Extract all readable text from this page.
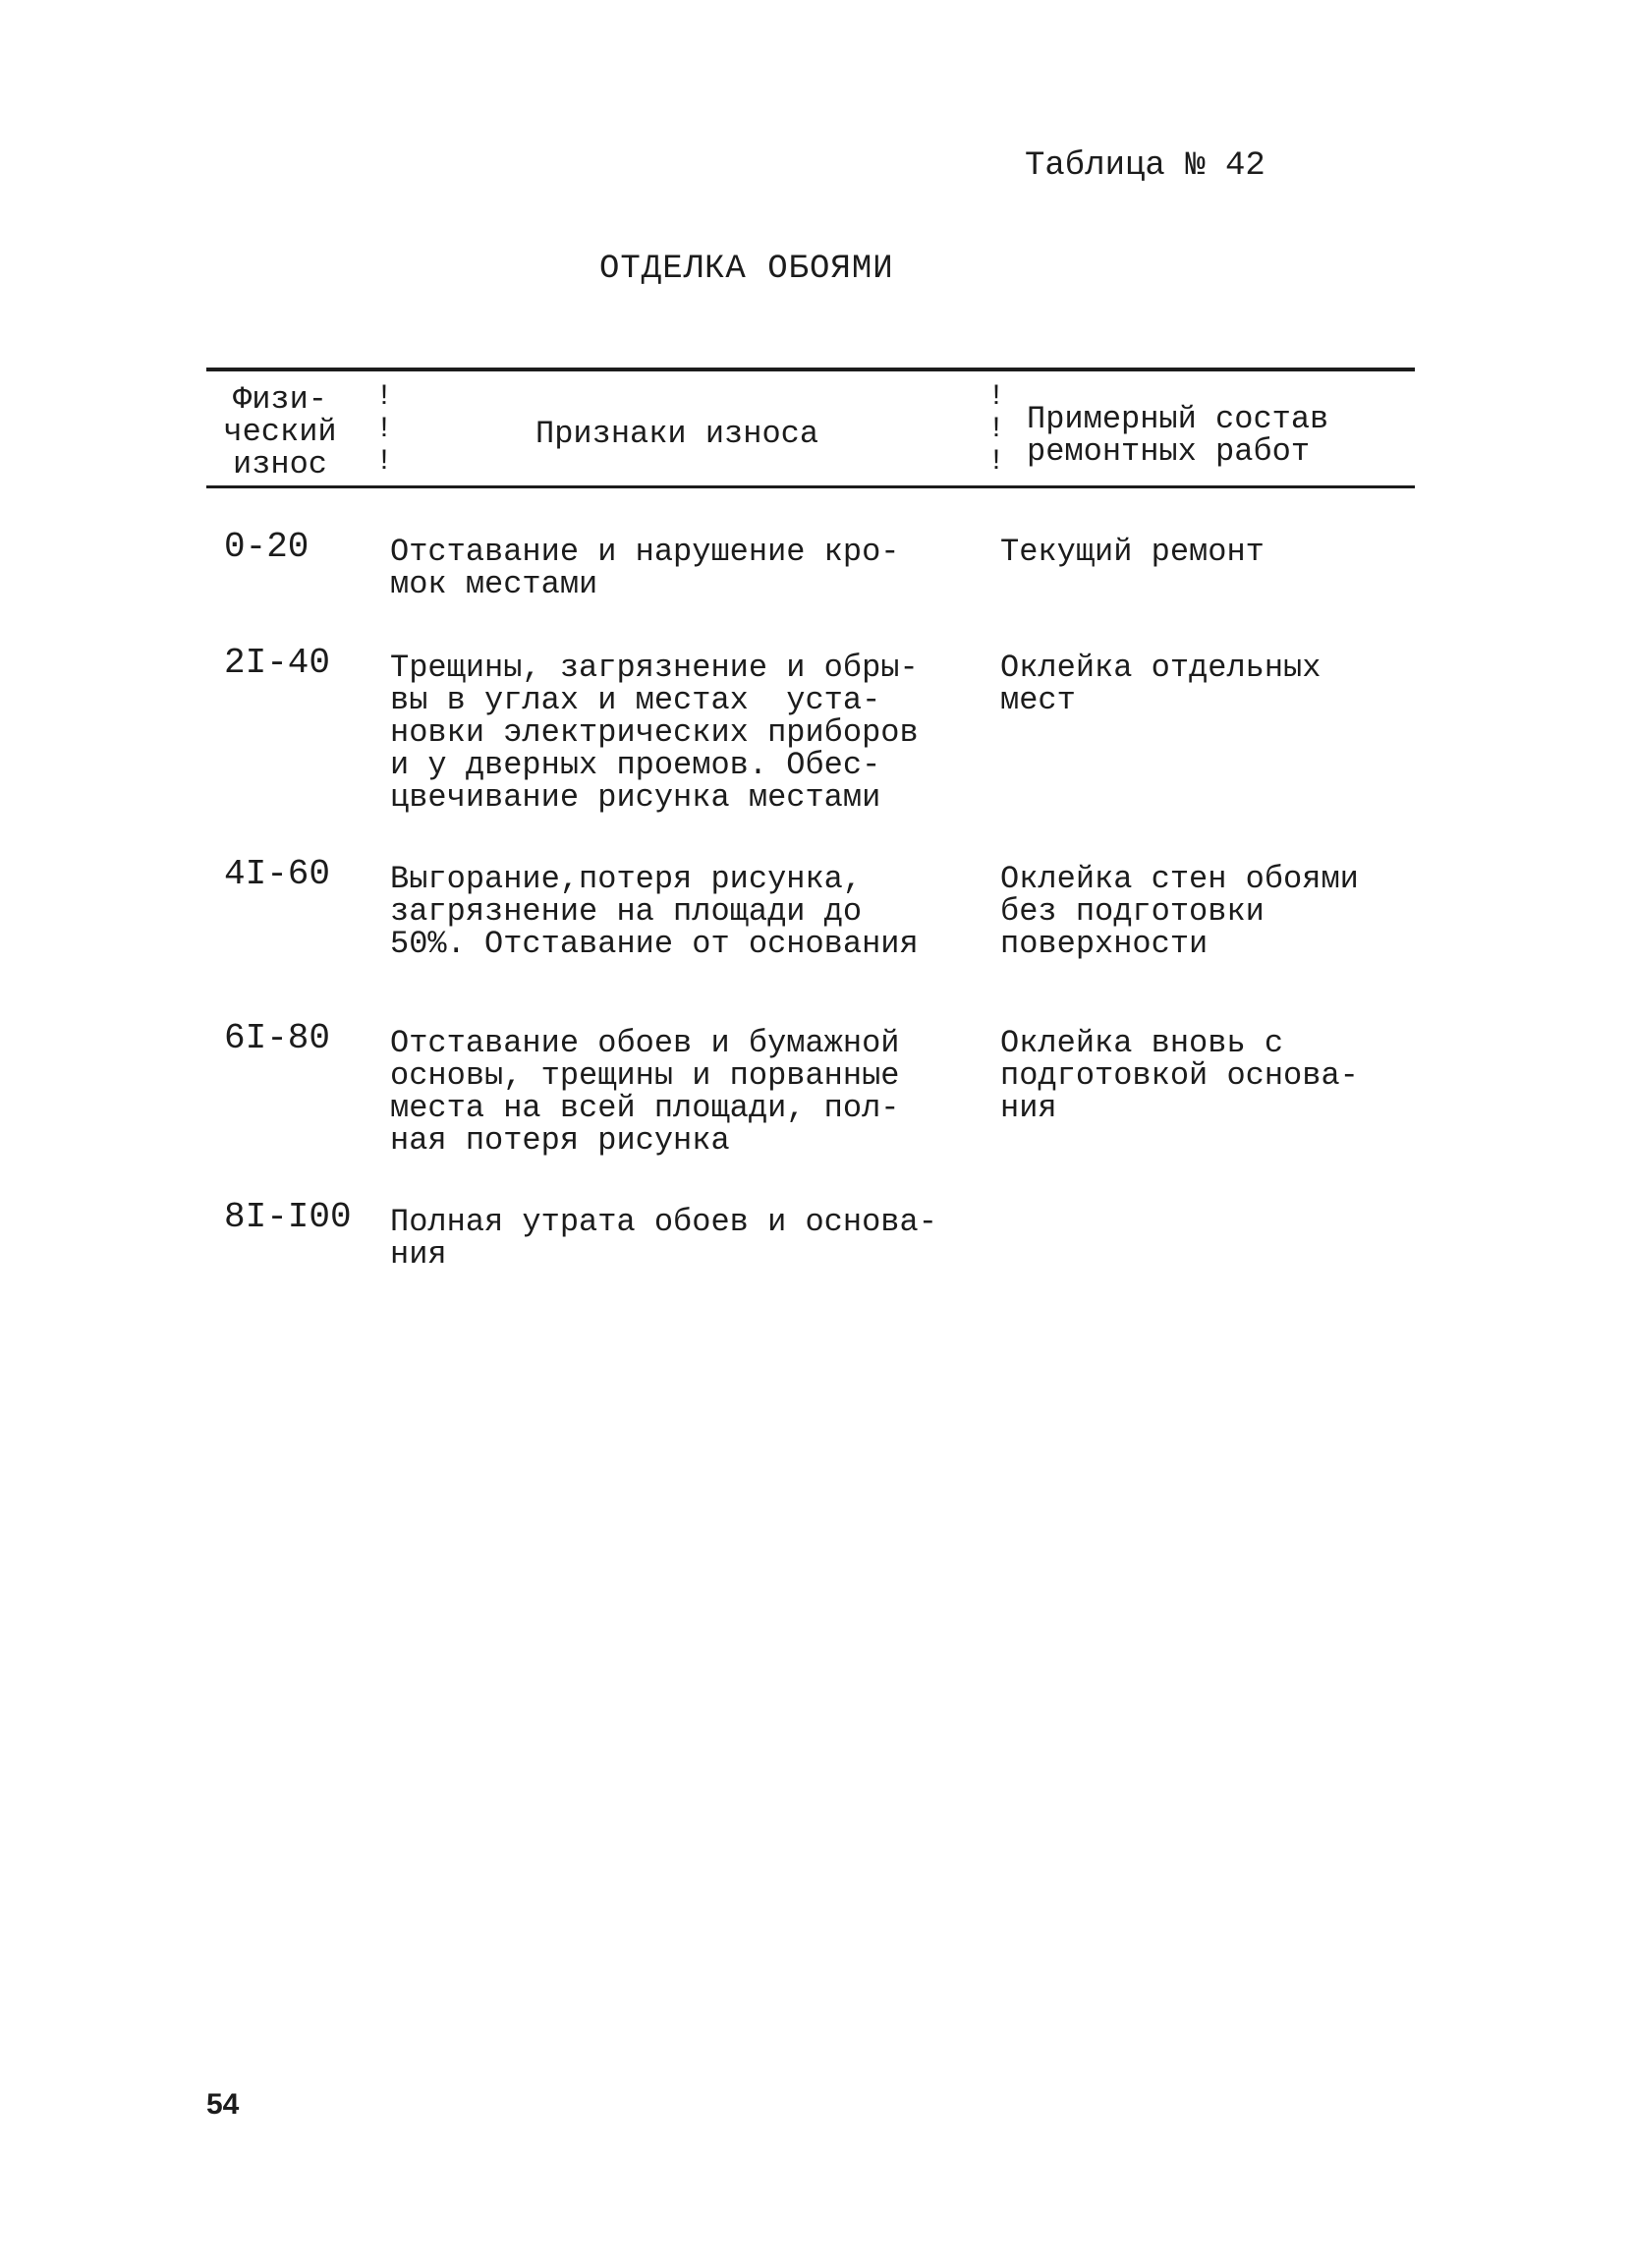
Таблица № 42
ОТДЕЛКА ОБОЯМИ
Физи-
ческий
износ
!
!
!
Признаки износа
!
!
!
Примерный состав
ремонтных работ
0-20	Отставание и нарушение кро-
мок местами
Текущий ремонт
2I-40 Трещины, загрязнение и обры-
вы в углах и местах  уста-
новки электрических приборов
и у дверных проемов. Обес-
цвечивание рисунка местами
Оклейка отдельных
мест
4I-60 Выгорание,потеря рисунка,
загрязнение на площади до
50%. Отставание от основания
Оклейка стен обоями
без подготовки
поверхности
6I-80 Отставание обоев и бумажной
основы, трещины и порванные
места на всей площади, пол-
ная потеря рисунка
Оклейка вновь с
подготовкой основа-
ния
8I-I00 Полная утрата обоев и основа-
ния
54
